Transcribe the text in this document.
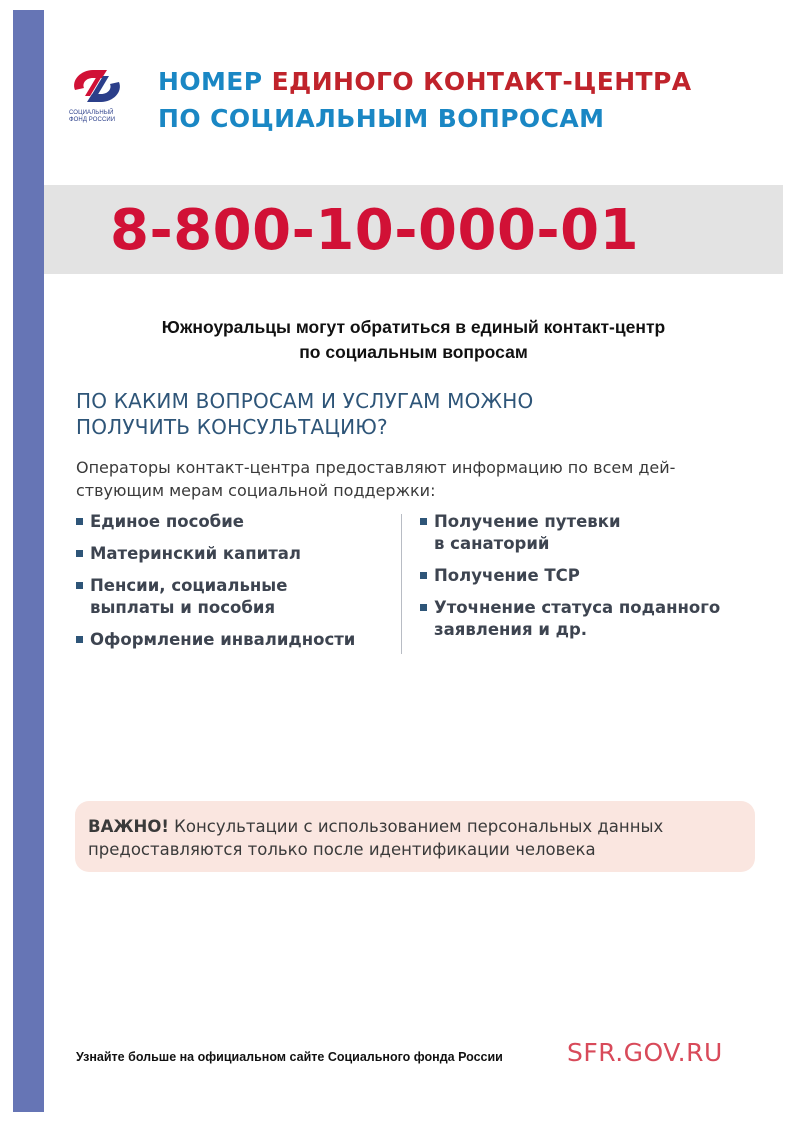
СОЦИАЛЬНЫЙ
ФОНД РОССИИ
НОМЕР ЕДИНОГО КОНТАКТ-ЦЕНТРА
ПО СОЦИАЛЬНЫМ ВОПРОСАМ
8-800-10-000-01
Южноуральцы могут обратиться в единый контакт-центр
по социальным вопросам
ПО КАКИМ ВОПРОСАМ И УСЛУГАМ МОЖНО
ПОЛУЧИТЬ КОНСУЛЬТАЦИЮ?
Операторы контакт-центра предоставляют информацию по всем дей-
ствующим мерам социальной поддержки:
Единое пособие
Материнский капитал
Пенсии, социальные
выплаты и пособия
Оформление инвалидности
Получение путевки
в санаторий
Получение ТСР
Уточнение статуса поданного
заявления и др.
ВАЖНО! Консультации с использованием персональных данных
предоставляются только после идентификации человека
Узнайте больше на официальном сайте Социального фонда России	SFR.GOV.RU
